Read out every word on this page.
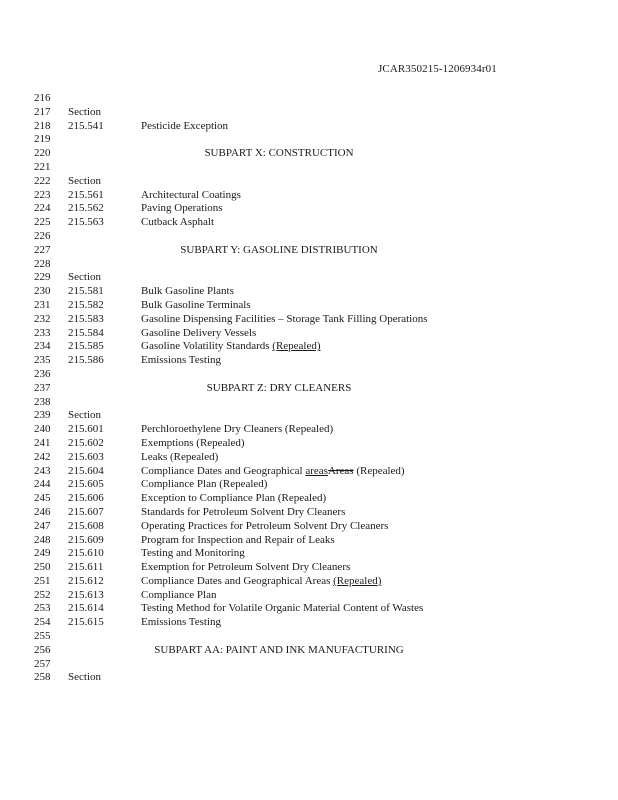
JCAR350215-1206934r01
216
217 Section
218 215.541	Pesticide Exception
219
220	SUBPART X: CONSTRUCTION
221
222 Section
223 215.561	Architectural Coatings
224 215.562	Paving Operations
225 215.563	Cutback Asphalt
226
227	SUBPART Y: GASOLINE DISTRIBUTION
228
229 Section
230 215.581	Bulk Gasoline Plants
231 215.582	Bulk Gasoline Terminals
232 215.583	Gasoline Dispensing Facilities – Storage Tank Filling Operations
233 215.584	Gasoline Delivery Vessels
234 215.585	Gasoline Volatility Standards (Repealed)
235 215.586	Emissions Testing
236
237	SUBPART Z: DRY CLEANERS
238
239 Section
240 215.601	Perchloroethylene Dry Cleaners (Repealed)
241 215.602	Exemptions (Repealed)
242 215.603	Leaks (Repealed)
243 215.604	Compliance Dates and Geographical areasAreas (Repealed)
244 215.605	Compliance Plan (Repealed)
245 215.606	Exception to Compliance Plan (Repealed)
246 215.607	Standards for Petroleum Solvent Dry Cleaners
247 215.608	Operating Practices for Petroleum Solvent Dry Cleaners
248 215.609	Program for Inspection and Repair of Leaks
249 215.610	Testing and Monitoring
250 215.611	Exemption for Petroleum Solvent Dry Cleaners
251 215.612	Compliance Dates and Geographical Areas (Repealed)
252 215.613	Compliance Plan
253 215.614	Testing Method for Volatile Organic Material Content of Wastes
254 215.615	Emissions Testing
255
256	SUBPART AA: PAINT AND INK MANUFACTURING
257
258 Section
